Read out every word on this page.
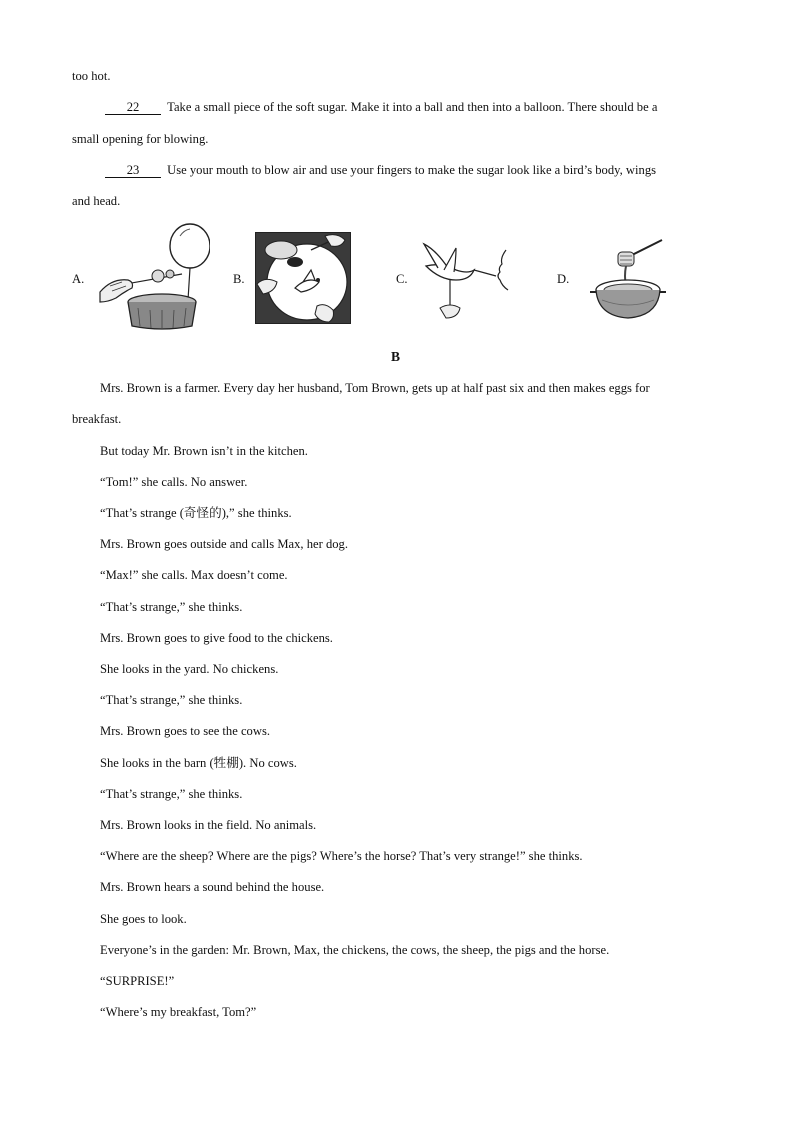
too hot.
22 Take a small piece of the soft sugar. Make it into a ball and then into a balloon. There should be a
small opening for blowing.
23 Use your mouth to blow air and use your fingers to make the sugar look like a bird’s body, wings
and head.
A.	B.	C.	D.
B
Mrs. Brown is a farmer. Every day her husband, Tom Brown, gets up at half past six and then makes eggs for
breakfast.
But today Mr. Brown isn’t in the kitchen.
“Tom!” she calls. No answer.
“That’s strange (奇怪的),” she thinks.
Mrs. Brown goes outside and calls Max, her dog.
“Max!” she calls. Max doesn’t come.
“That’s strange,” she thinks.
Mrs. Brown goes to give food to the chickens.
She looks in the yard. No chickens.
“That’s strange,” she thinks.
Mrs. Brown goes to see the cows.
She looks in the barn (牲棚). No cows.
“That’s strange,” she thinks.
Mrs. Brown looks in the field. No animals.
“Where are the sheep? Where are the pigs? Where’s the horse? That’s very strange!” she thinks.
Mrs. Brown hears a sound behind the house.
She goes to look.
Everyone’s in the garden: Mr. Brown, Max, the chickens, the cows, the sheep, the pigs and the horse.
“SURPRISE!”
“Where’s my breakfast, Tom?”
